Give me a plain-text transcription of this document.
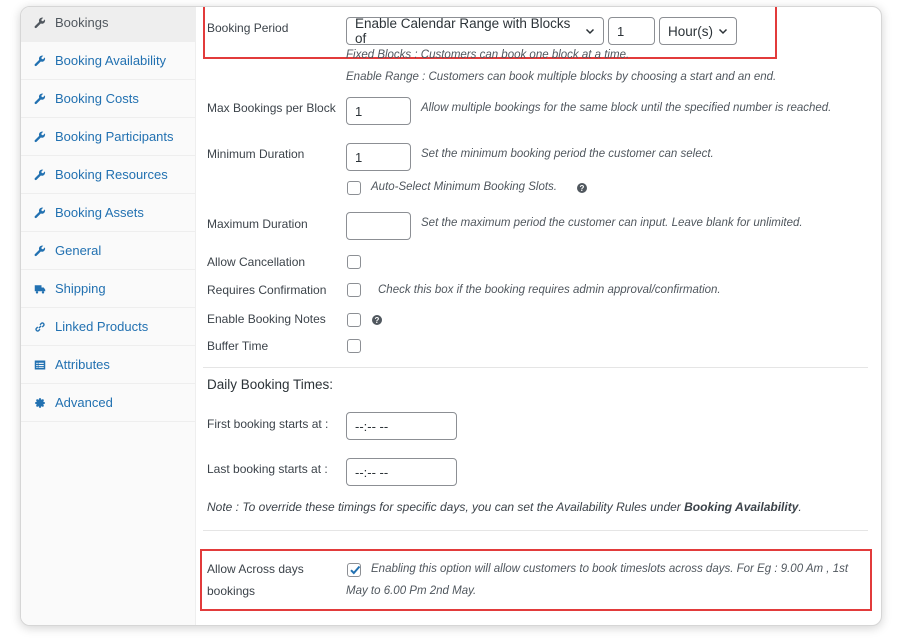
Bookings
Booking Availability
Booking Costs
Booking Participants
Booking Resources
Booking Assets
General
Shipping
Linked Products
Attributes
Advanced
Booking Period	Enable Calendar Range with Blocks of	1	Hour(s)
Fixed Blocks : Customers can book one block at a time.
Enable Range : Customers can book multiple blocks by choosing a start and an end.
Max Bookings per Block 1	Allow multiple bookings for the same block until the specified number is reached.
Minimum Duration	1	Set the minimum booking period the customer can select.
Auto-Select Minimum Booking Slots.	?
Maximum Duration	Set the maximum period the customer can input. Leave blank for unlimited.
Allow Cancellation
Requires Confirmation	Check this box if the booking requires admin approval/confirmation.
Enable Booking Notes	?
Buffer Time
Daily Booking Times:
First booking starts at : --:-- --
Last booking starts at : --:-- --
Note : To override these timings for specific days, you can set the Availability Rules under Booking Availability.
Allow Across days
bookings
Enabling this option will allow customers to book timeslots across days. For Eg : 9.00 Am , 1st
May to 6.00 Pm 2nd May.
